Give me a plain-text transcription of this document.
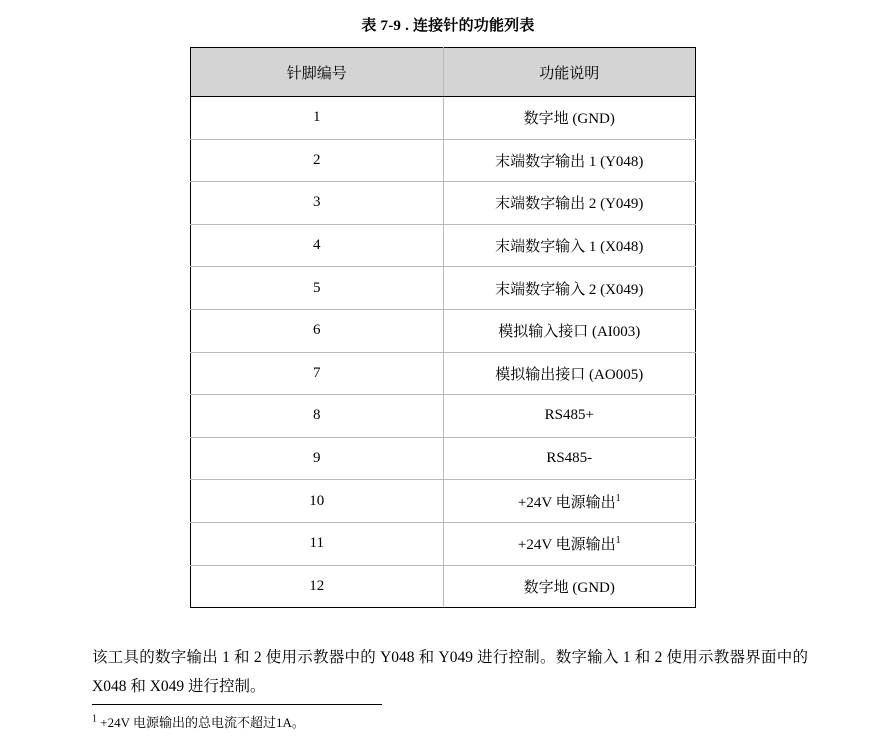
表 7-9 . 连接针的功能列表
针脚编号	功能说明
1	数字地 (GND)
2	末端数字输出 1 (Y048)
3	末端数字输出 2 (Y049)
4	末端数字输入 1 (X048)
5	末端数字输入 2 (X049)
6	模拟输入接口 (AI003)
7	模拟输出接口 (AO005)
8	RS485+
9	RS485-
10	+24V 电源输出$^1$
11	+24V 电源输出$^1$
12	数字地 (GND)
该工具的数字输出 1 和 2 使用示教器中的 Y048 和 Y049 进行控制。数字输入 1 和 2 使用示教器界面中的 X048 和 X049 进行控制。
$^1$ +24V 电源输出的总电流不超过1A。
